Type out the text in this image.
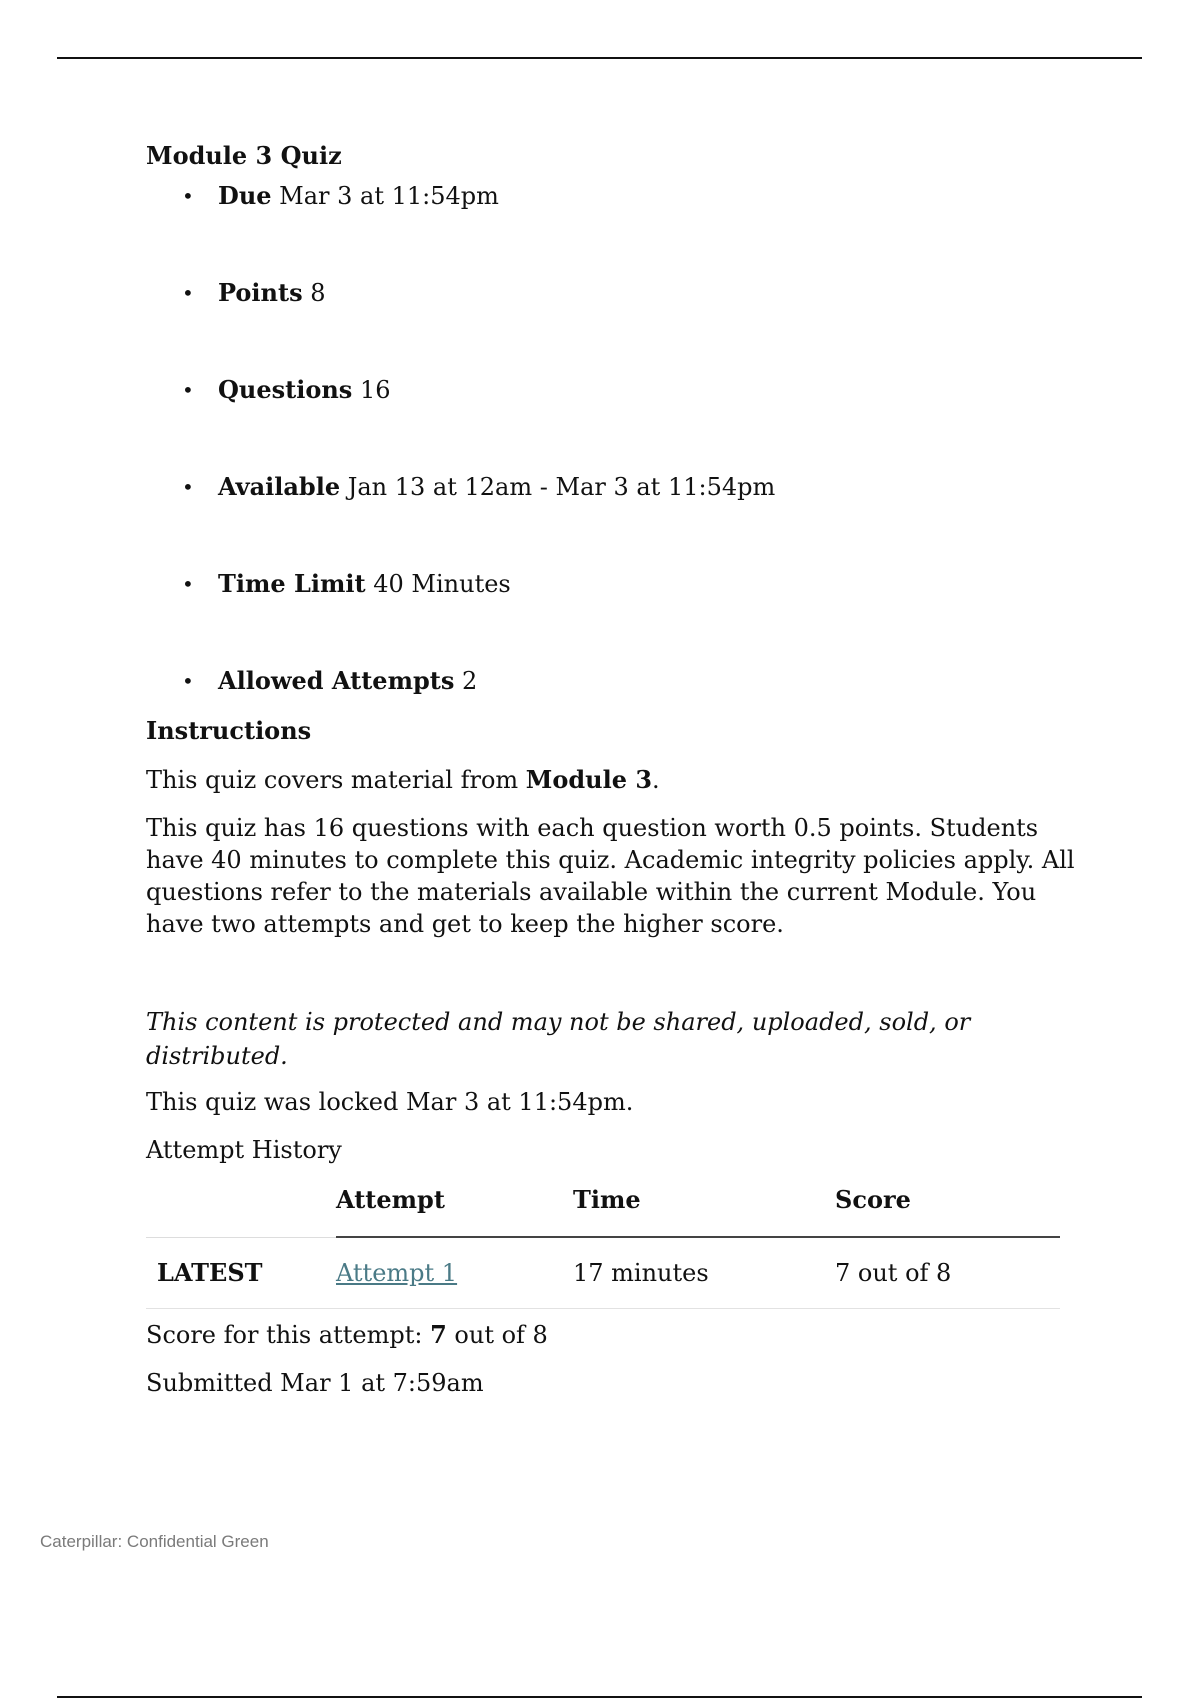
Module 3 Quiz
• Due Mar 3 at 11:54pm
• Points 8
• Questions 16
• Available Jan 13 at 12am - Mar 3 at 11:54pm
• Time Limit 40 Minutes
• Allowed Attempts 2
Instructions

This quiz covers material from Module 3.

This quiz has 16 questions with each question worth 0.5 points. Students have 40 minutes to complete this quiz. Academic integrity policies apply. All questions refer to the materials available within the current Module. You have two attempts and get to keep the higher score.

This content is protected and may not be shared, uploaded, sold, or distributed.

This quiz was locked Mar 3 at 11:54pm.

Attempt History

	Attempt	Time	Score
LATEST	Attempt 1	17 minutes	7 out of 8

Score for this attempt: 7 out of 8

Submitted Mar 1 at 7:59am

Caterpillar: Confidential Green
